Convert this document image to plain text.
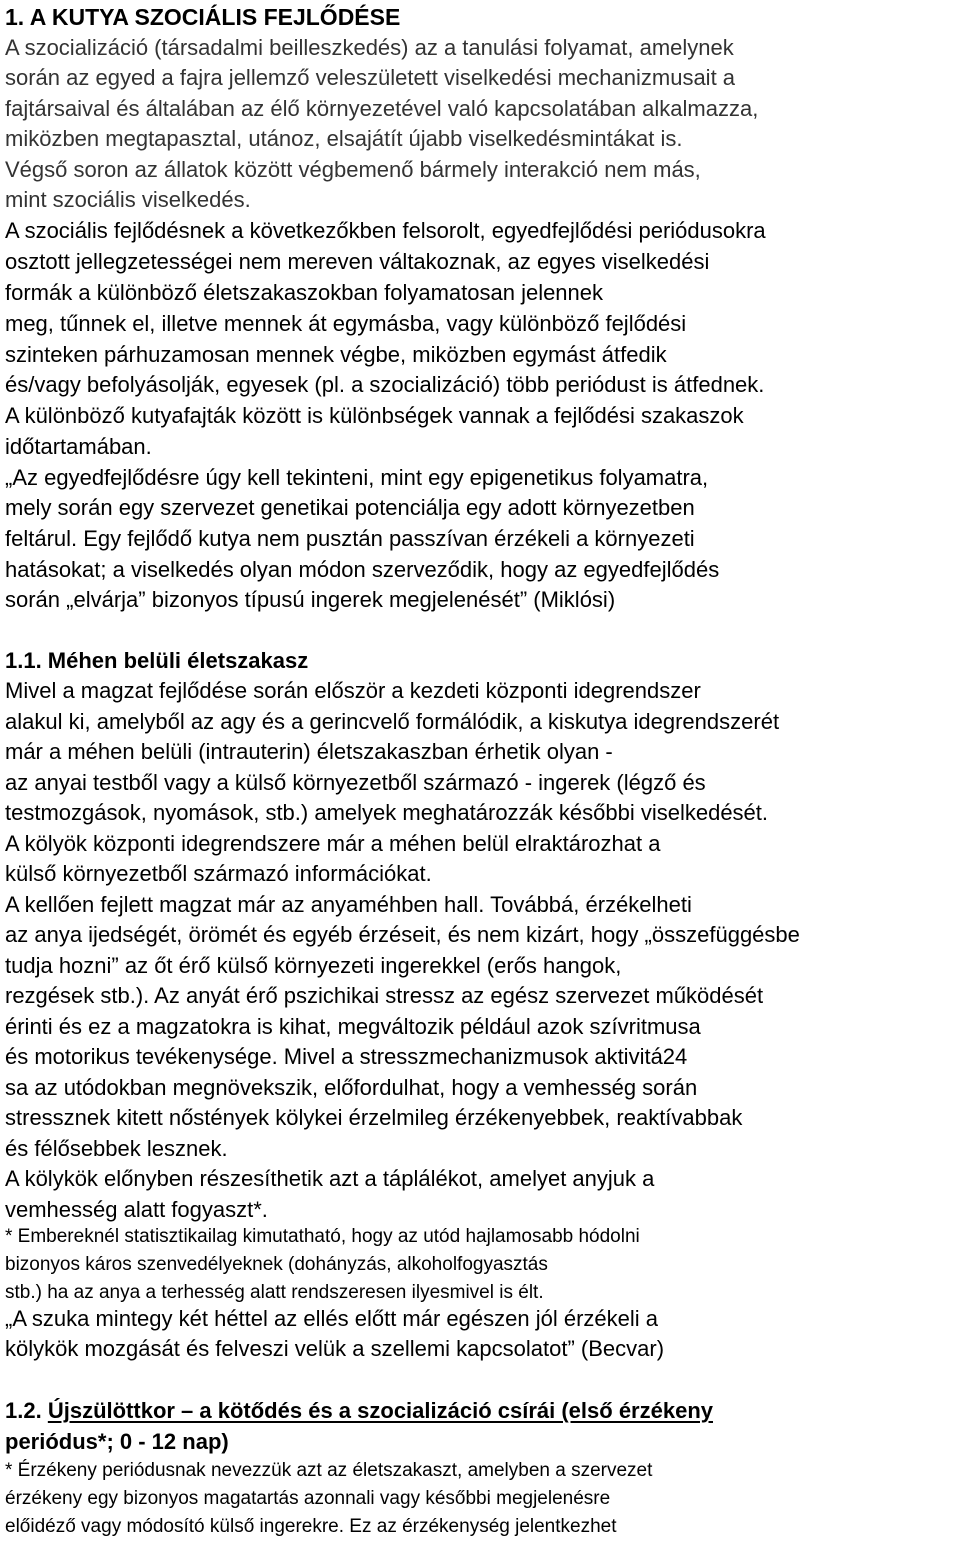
1. A KUTYA SZOCIÁLIS FEJLŐDÉSE
A szocializáció (társadalmi beilleszkedés) az a tanulási folyamat, amelynek
során az egyed a fajra jellemző veleszületett viselkedési mechanizmusait a
fajtársaival és általában az élő környezetével való kapcsolatában alkalmazza,
miközben megtapasztal, utánoz, elsajátít újabb viselkedésmintákat is.
Végső soron az állatok között végbemenő bármely interakció nem más,
mint szociális viselkedés.
A szociális fejlődésnek a következőkben felsorolt, egyedfejlődési periódusokra
osztott jellegzetességei nem mereven váltakoznak, az egyes viselkedési
formák a különböző életszakaszokban folyamatosan jelennek
meg, tűnnek el, illetve mennek át egymásba, vagy különböző fejlődési
szinteken párhuzamosan mennek végbe, miközben egymást átfedik
és/vagy befolyásolják, egyesek (pl. a szocializáció) több periódust is átfednek.
A különböző kutyafajták között is különbségek vannak a fejlődési szakaszok
időtartamában.
„Az egyedfejlődésre úgy kell tekinteni, mint egy epigenetikus folyamatra,
mely során egy szervezet genetikai potenciálja egy adott környezetben
feltárul. Egy fejlődő kutya nem pusztán passzívan érzékeli a környezeti
hatásokat; a viselkedés olyan módon szerveződik, hogy az egyedfejlődés
során „elvárja” bizonyos típusú ingerek megjelenését” (Miklósi)
1.1. Méhen belüli életszakasz
Mivel a magzat fejlődése során először a kezdeti központi idegrendszer
alakul ki, amelyből az agy és a gerincvelő formálódik, a kiskutya idegrendszerét
már a méhen belüli (intrauterin) életszakaszban érhetik olyan -
az anyai testből vagy a külső környezetből származó - ingerek (légző és
testmozgások, nyomások, stb.) amelyek meghatározzák későbbi viselkedését.
A kölyök központi idegrendszere már a méhen belül elraktározhat a
külső környezetből származó információkat.
A kellően fejlett magzat már az anyaméhben hall. Továbbá, érzékelheti
az anya ijedségét, örömét és egyéb érzéseit, és nem kizárt, hogy „összefüggésbe
tudja hozni” az őt érő külső környezeti ingerekkel (erős hangok,
rezgések stb.). Az anyát érő pszichikai stressz az egész szervezet működését
érinti és ez a magzatokra is kihat, megváltozik például azok szívritmusa
és motorikus tevékenysége. Mivel a stresszmechanizmusok aktivitá24
sa az utódokban megnövekszik, előfordulhat, hogy a vemhesség során
stressznek kitett nőstények kölykei érzelmileg érzékenyebbek, reaktívabbak
és félősebbek lesznek.
A kölykök előnyben részesíthetik azt a táplálékot, amelyet anyjuk a
vemhesség alatt fogyaszt*.
* Embereknél statisztikailag kimutatható, hogy az utód hajlamosabb hódolni
bizonyos káros szenvedélyeknek (dohányzás, alkoholfogyasztás
stb.) ha az anya a terhesség alatt rendszeresen ilyesmivel is élt.
„A szuka mintegy két héttel az ellés előtt már egészen jól érzékeli a
kölykök mozgását és felveszi velük a szellemi kapcsolatot” (Becvar)
1.2. Újszülöttkor – a kötődés és a szocializáció csírái (első érzékeny
periódus*; 0 - 12 nap)
* Érzékeny periódusnak nevezzük azt az életszakaszt, amelyben a szervezet
érzékeny egy bizonyos magatartás azonnali vagy későbbi megjelenésre
előidéző vagy módosító külső ingerekre. Ez az érzékenység jelentkezhet
